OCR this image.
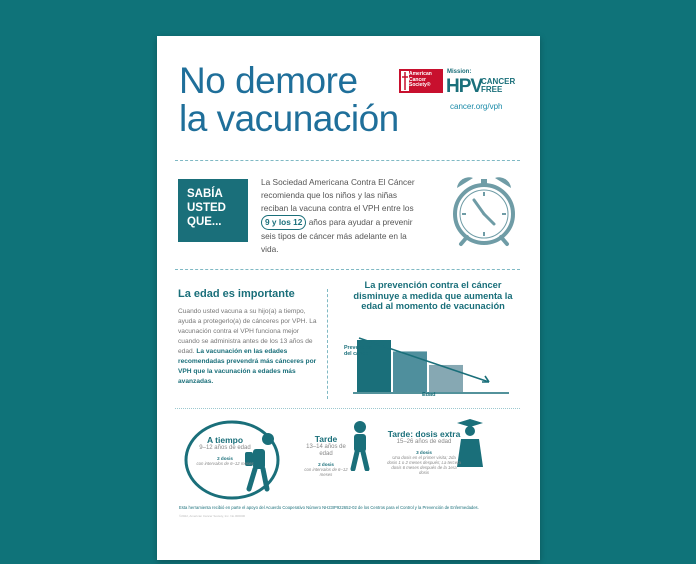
No demore
la vacunación
American
Cancer
Society®
Mission:
HPV
CANCER
FREE
cancer.org/vph
SABÍA
USTED
QUE...
La Sociedad Americana Contra El Cáncer recomienda que los niños y las niñas reciban la vacuna contra el VPH entre los 9 y los 12 años para ayudar a prevenir seis tipos de cáncer más adelante en la vida.
La edad es importante
Cuando usted vacuna a su hijo(a) a tiempo, ayuda a protegerlo(a) de cánceres por VPH. La vacunación contra el VPH funciona mejor cuando se administra antes de los 13 años de edad. La vacunación en las edades recomendadas prevendrá más cánceres por VPH que la vacunación a edades más avanzadas.
La prevención contra el cáncer disminuye a medida que aumenta la edad al momento de vacunación
Prevención del cáncer
Edad
A tiempo
9–12 años de edad
2 dosis
con intervalos de 6–12 meses
Tarde
13–14 años de edad
2 dosis
con intervalos de 6–12 meses
Tarde: dosis extra
15–26 años de edad
3 dosis
Una dosis en el primer visita; 2da dosis 1 o 2 meses después; La tercera dosis 6 meses después de la 1era dosis
Esta herramienta recibió en parte el apoyo del Acuerdo Cooperativo Número NH23IP922652-02 de los Centros para el Control y la Prevención de Enfermedades.
©2022, American Cancer Society, Inc. No.000000
